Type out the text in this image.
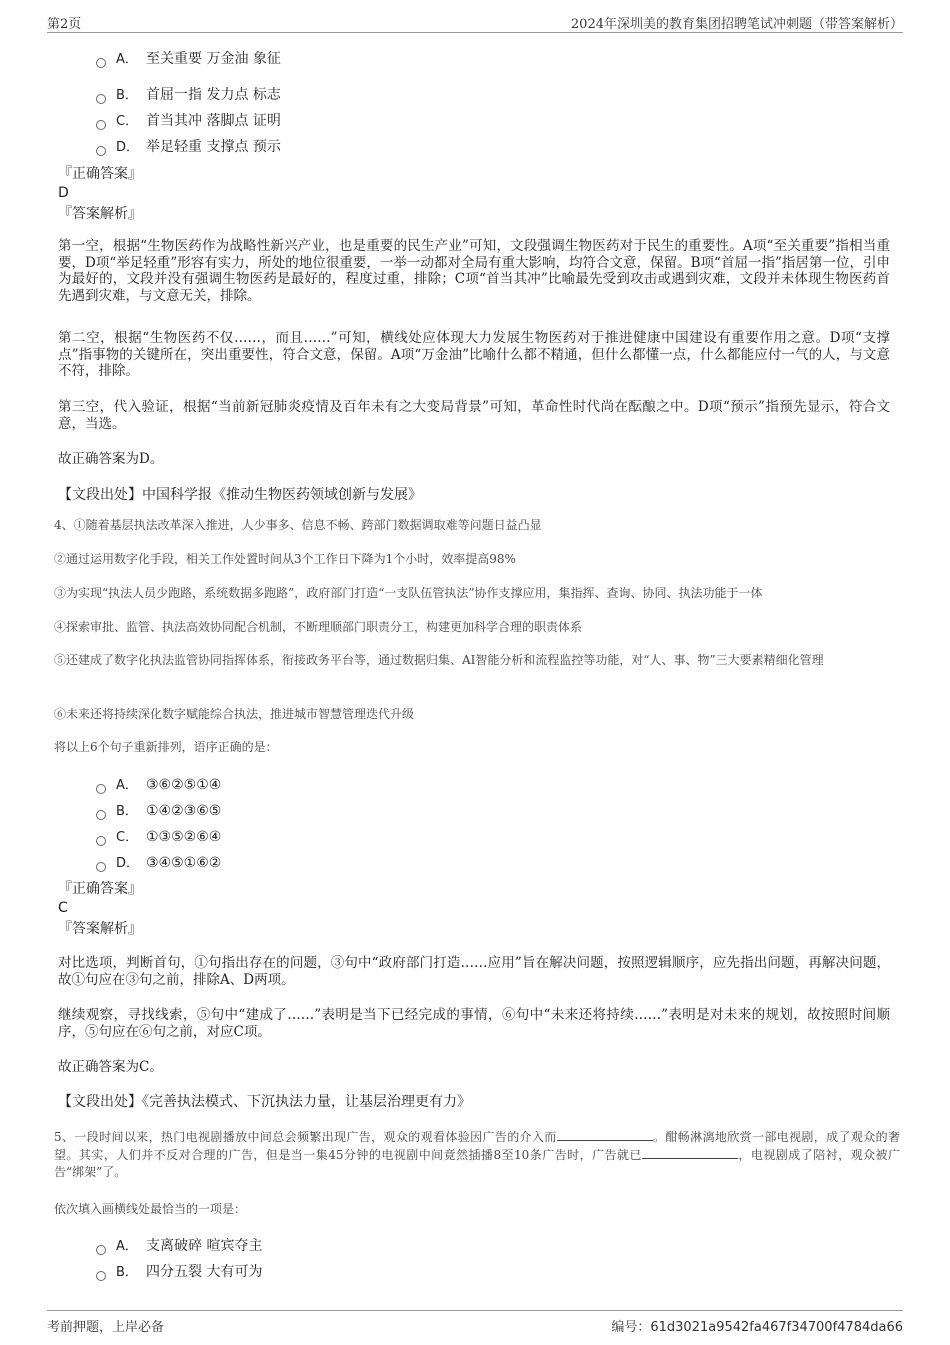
第2页	2024年深圳美的教育集团招聘笔试冲刺题（带答案解析）
A． 至关重要 万金油 象征
B． 首屈一指 发力点 标志
C． 首当其冲 落脚点 证明
D． 举足轻重 支撑点 预示
『正确答案』
D
『答案解析』
第一空，根据“生物医药作为战略性新兴产业，也是重要的民生产业”可知，文段强调生物医药对于民生的重要性。A项“至关重要”指相当重要，D项“举足轻重”形容有实力，所处的地位很重要，一举一动都对全局有重大影响，均符合文意，保留。B项“首屈一指”指居第一位，引申为最好的，文段并没有强调生物医药是最好的，程度过重，排除；C项“首当其冲”比喻最先受到攻击或遇到灾难，文段并未体现生物医药首先遇到灾难，与文意无关，排除。
第二空，根据“生物医药不仅……，而且……”可知，横线处应体现大力发展生物医药对于推进健康中国建设有重要作用之意。D项“支撑点”指事物的关键所在，突出重要性，符合文意，保留。A项“万金油”比喻什么都不精通，但什么都懂一点，什么都能应付一气的人，与文意不符，排除。
第三空，代入验证，根据“当前新冠肺炎疫情及百年未有之大变局背景”可知，革命性时代尚在酝酿之中。D项“预示”指预先显示，符合文意，当选。
故正确答案为D。
【文段出处】中国科学报《推动生物医药领域创新与发展》
4、①随着基层执法改革深入推进，人少事多、信息不畅、跨部门数据调取难等问题日益凸显
②通过运用数字化手段，相关工作处置时间从3个工作日下降为1个小时，效率提高98%
③为实现“执法人员少跑路，系统数据多跑路”，政府部门打造“一支队伍管执法”协作支撑应用，集指挥、查询、协同、执法功能于一体
④探索审批、监管、执法高效协同配合机制，不断理顺部门职责分工，构建更加科学合理的职责体系
⑤还建成了数字化执法监管协同指挥体系，衔接政务平台等，通过数据归集、AI智能分析和流程监控等功能，对“人、事、物”三大要素精细化管理
⑥未来还将持续深化数字赋能综合执法，推进城市智慧管理迭代升级
将以上6个句子重新排列，语序正确的是：
A． ③⑥②⑤①④
B． ①④②③⑥⑤
C． ①③⑤②⑥④
D． ③④⑤①⑥②
『正确答案』
C
『答案解析』
对比选项，判断首句，①句指出存在的问题，③句中“政府部门打造……应用”旨在解决问题，按照逻辑顺序，应先指出问题，再解决问题，故①句应在③句之前，排除A、D两项。
继续观察，寻找线索，⑤句中“建成了……”表明是当下已经完成的事情，⑥句中“未来还将持续……”表明是对未来的规划，故按照时间顺序，⑤句应在⑥句之前，对应C项。
故正确答案为C。
【文段出处】《完善执法模式、下沉执法力量，让基层治理更有力》
5、一段时间以来，热门电视剧播放中间总会频繁出现广告，观众的观看体验因广告的介入而	。酣畅淋漓地欣赏一部电视剧，成了观众的奢望。其实，人们并不反对合理的广告，但是当一集45分钟的电视剧中间竟然插播8至10条广告时，广告就已	，电视剧成了陪衬，观众被广告“绑架”了。
依次填入画横线处最恰当的一项是：
A． 支离破碎 喧宾夺主
B． 四分五裂 大有可为
考前押题，上岸必备	编号：61d3021a9542fa467f34700f4784da66
